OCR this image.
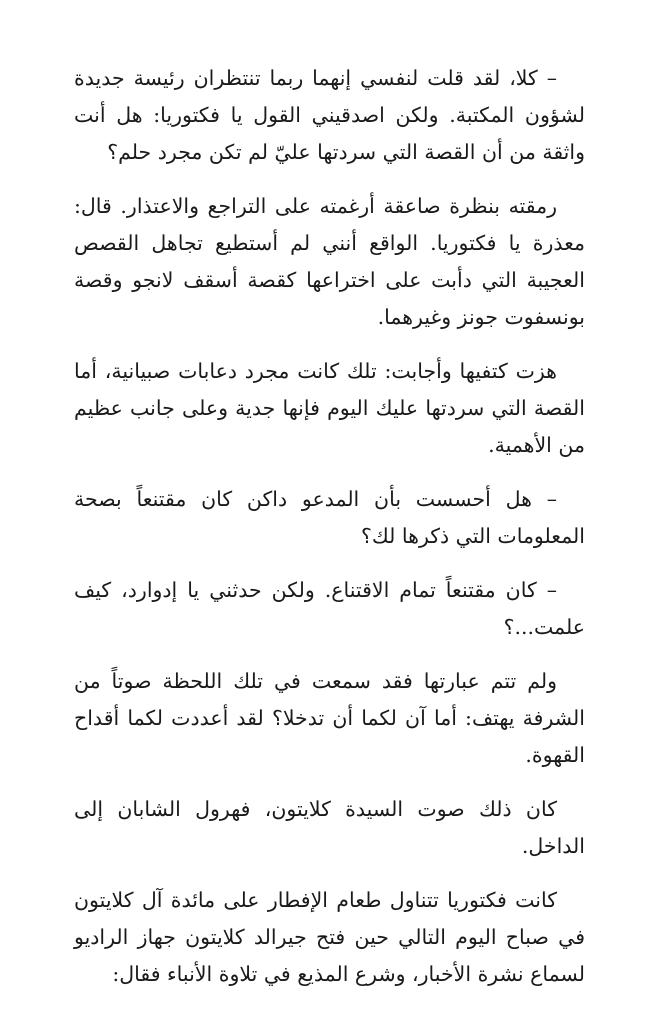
– كلا، لقد قلت لنفسي إنهما ربما تنتظران رئيسة جديدة لشؤون المكتبة. ولكن اصدقيني القول يا فكتوريا: هل أنت واثقة من أن القصة التي سردتها عليّ لم تكن مجرد حلم؟

رمقته بنظرة صاعقة أرغمته على التراجع والاعتذار. قال: معذرة يا فكتوريا. الواقع أنني لم أستطيع تجاهل القصص العجيبة التي دأبت على اختراعها كقصة أسقف لانجو وقصة بونسفوت جونز وغيرهما.

هزت كتفيها وأجابت: تلك كانت مجرد دعابات صبيانية، أما القصة التي سردتها عليك اليوم فإنها جدية وعلى جانب عظيم من الأهمية.

– هل أحسست بأن المدعو داكن كان مقتنعاً بصحة المعلومات التي ذكرها لك؟

– كان مقتنعاً تمام الاقتناع. ولكن حدثني يا إدوارد، كيف علمت...؟

ولم تتم عبارتها فقد سمعت في تلك اللحظة صوتاً من الشرفة يهتف: أما آن لكما أن تدخلا؟ لقد أعددت لكما أقداح القهوة.

كان ذلك صوت السيدة كلايتون، فهرول الشابان إلى الداخل.

كانت فكتوريا تتناول طعام الإفطار على مائدة آل كلايتون في صباح اليوم التالي حين فتح جيرالد كلايتون جهاز الراديو لسماع نشرة الأخبار، وشرع المذيع في تلاوة الأنباء فقال:
